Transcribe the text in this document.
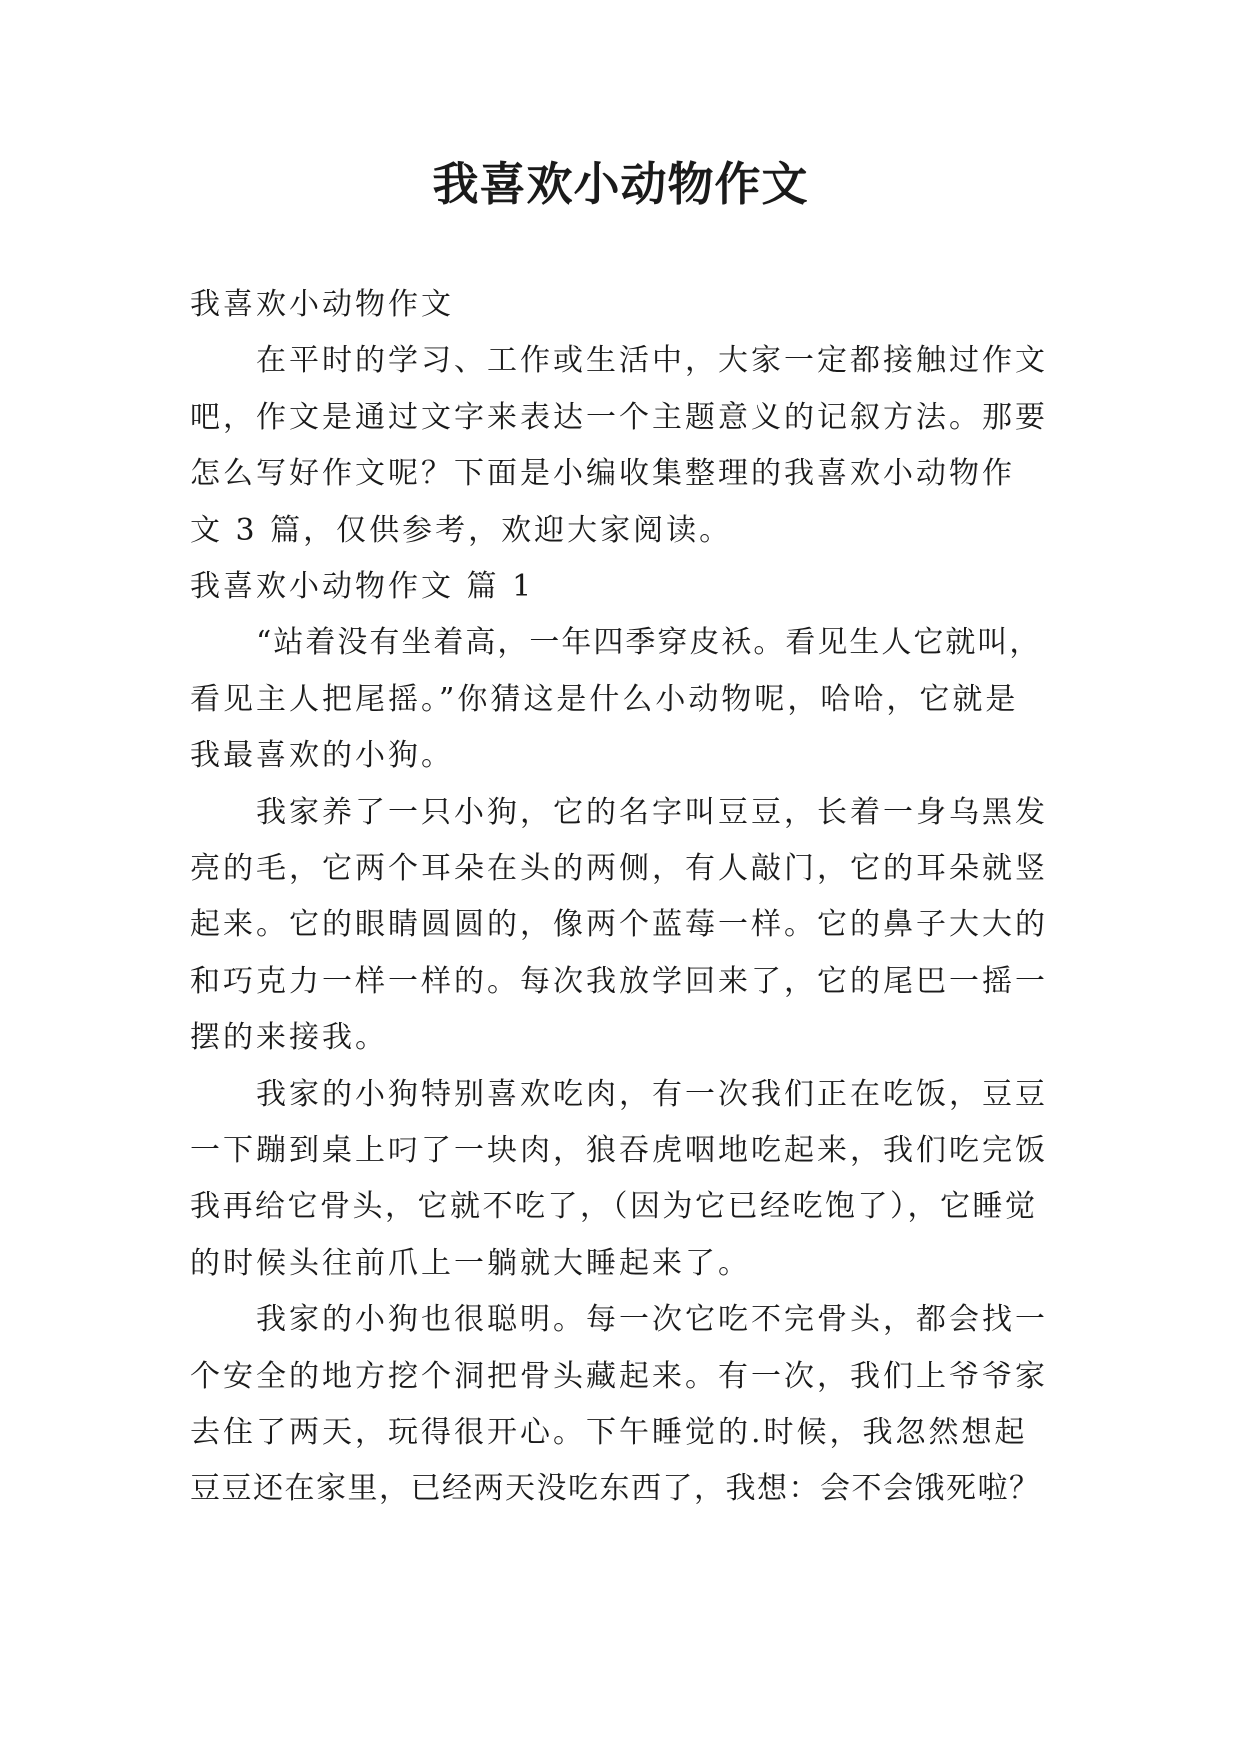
我喜欢小动物作文

我喜欢小动物作文

在平时的学习、工作或生活中，大家一定都接触过作文

吧，作文是通过文字来表达一个主题意义的记叙方法。那要

怎么写好作文呢？下面是小编收集整理的我喜欢小动物作

文 3 篇，仅供参考，欢迎大家阅读。

我喜欢小动物作文 篇 1

“站着没有坐着高，一年四季穿皮袄。看见生人它就叫，

看见主人把尾摇。”你猜这是什么小动物呢，哈哈，它就是

我最喜欢的小狗。

我家养了一只小狗，它的名字叫豆豆，长着一身乌黑发

亮的毛，它两个耳朵在头的两侧，有人敲门，它的耳朵就竖

起来。它的眼睛圆圆的，像两个蓝莓一样。它的鼻子大大的

和巧克力一样一样的。每次我放学回来了，它的尾巴一摇一

摆的来接我。

我家的小狗特别喜欢吃肉，有一次我们正在吃饭，豆豆

一下蹦到桌上叼了一块肉，狼吞虎咽地吃起来，我们吃完饭

我再给它骨头，它就不吃了，（因为它已经吃饱了），它睡觉

的时候头往前爪上一躺就大睡起来了。

我家的小狗也很聪明。每一次它吃不完骨头，都会找一

个安全的地方挖个洞把骨头藏起来。有一次，我们上爷爷家

去住了两天，玩得很开心。下午睡觉的.时候，我忽然想起

豆豆还在家里，已经两天没吃东西了，我想：会不会饿死啦？
